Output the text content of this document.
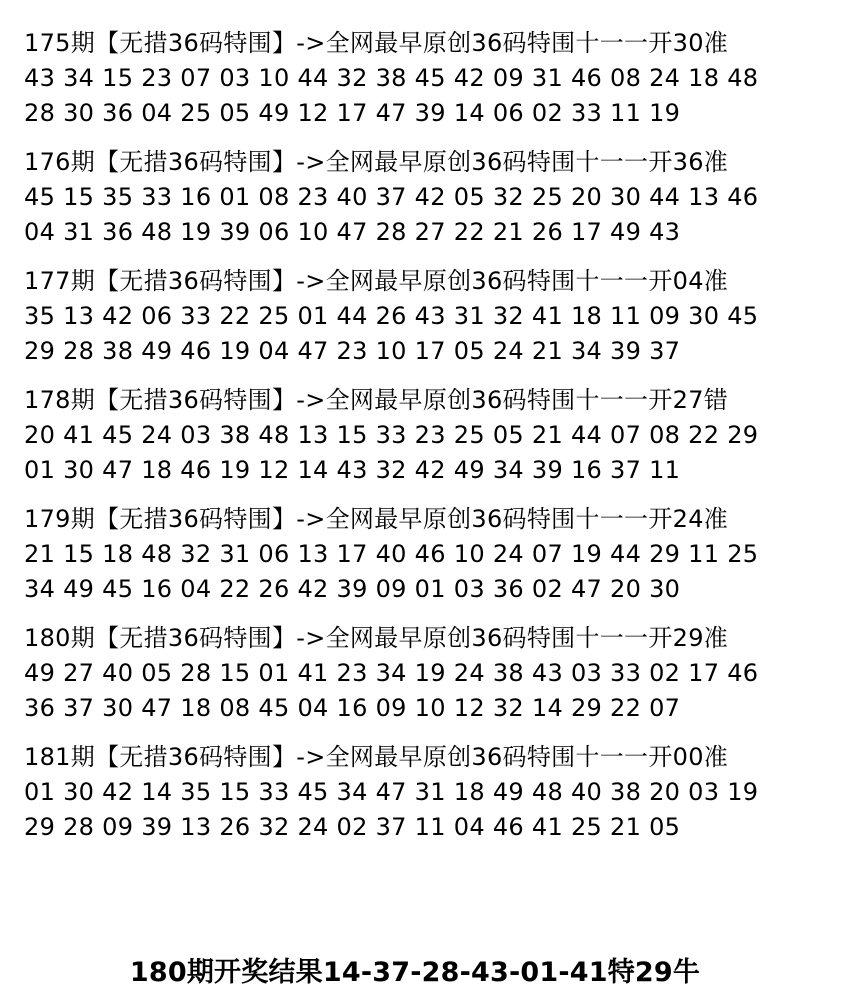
175期【无措36码特围】->全网最早原创36码特围十一一开30准
43 34 15 23 07 03 10 44 32 38 45 42 09 31 46 08 24 18 48
28 30 36 04 25 05 49 12 17 47 39 14 06 02 33 11 19
176期【无措36码特围】->全网最早原创36码特围十一一开36准
45 15 35 33 16 01 08 23 40 37 42 05 32 25 20 30 44 13 46
04 31 36 48 19 39 06 10 47 28 27 22 21 26 17 49 43
177期【无措36码特围】->全网最早原创36码特围十一一开04准
35 13 42 06 33 22 25 01 44 26 43 31 32 41 18 11 09 30 45
29 28 38 49 46 19 04 47 23 10 17 05 24 21 34 39 37
178期【无措36码特围】->全网最早原创36码特围十一一开27错
20 41 45 24 03 38 48 13 15 33 23 25 05 21 44 07 08 22 29
01 30 47 18 46 19 12 14 43 32 42 49 34 39 16 37 11
179期【无措36码特围】->全网最早原创36码特围十一一开24准
21 15 18 48 32 31 06 13 17 40 46 10 24 07 19 44 29 11 25
34 49 45 16 04 22 26 42 39 09 01 03 36 02 47 20 30
180期【无措36码特围】->全网最早原创36码特围十一一开29准
49 27 40 05 28 15 01 41 23 34 19 24 38 43 03 33 02 17 46
36 37 30 47 18 08 45 04 16 09 10 12 32 14 29 22 07
181期【无措36码特围】->全网最早原创36码特围十一一开00准
01 30 42 14 35 15 33 45 34 47 31 18 49 48 40 38 20 03 19
29 28 09 39 13 26 32 24 02 37 11 04 46 41 25 21 05
180期开奖结果14-37-28-43-01-41特29牛
